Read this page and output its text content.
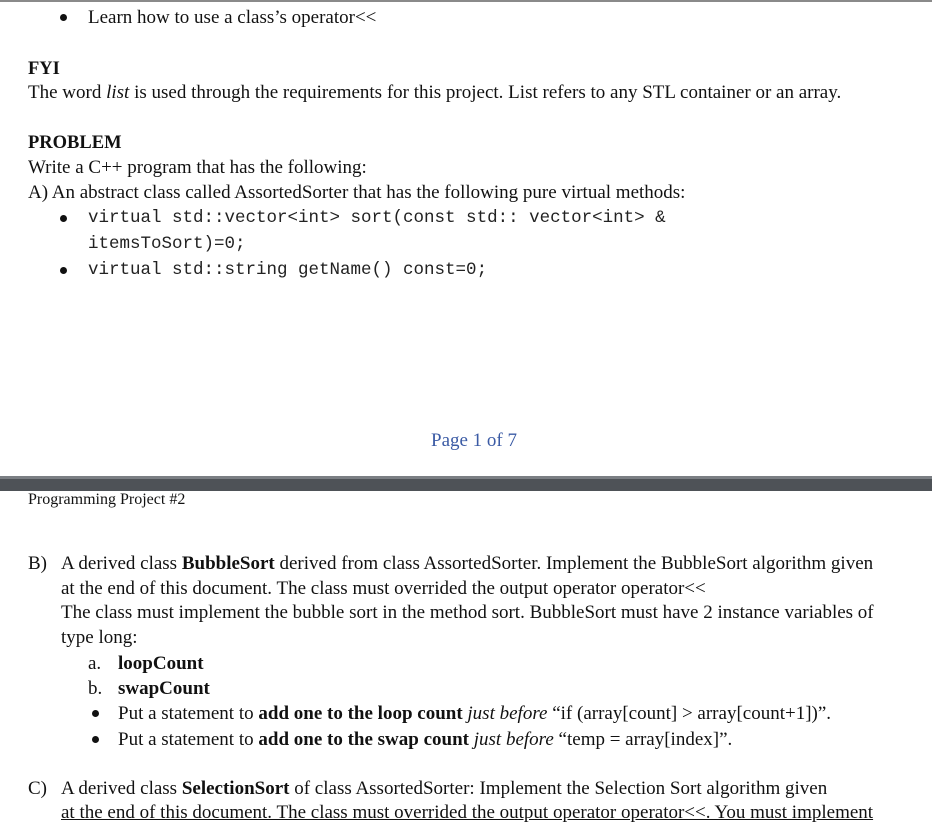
Learn how to use a class’s operator<<
FYI
The word list is used through the requirements for this project. List refers to any STL container or an array.
PROBLEM
Write a C++ program that has the following:
A) An abstract class called AssortedSorter that has the following pure virtual methods:
virtual std::vector<int> sort(const std:: vector<int> &
itemsToSort)=0;
virtual std::string getName() const=0;
Page 1 of 7
Programming Project #2
B) A derived class BubbleSort derived from class AssortedSorter. Implement the BubbleSort algorithm given
at the end of this document. The class must overrided the output operator operator<<
The class must implement the bubble sort in the method sort. BubbleSort must have 2 instance variables of
type long:
a. loopCount
b. swapCount
Put a statement to add one to the loop count just before “if (array[count] > array[count+1])”.
Put a statement to add one to the swap count just before “temp = array[index]”.
C) A derived class SelectionSort of class AssortedSorter: Implement the Selection Sort algorithm given
at the end of this document. The class must overrided the output operator operator<<. You must implement
